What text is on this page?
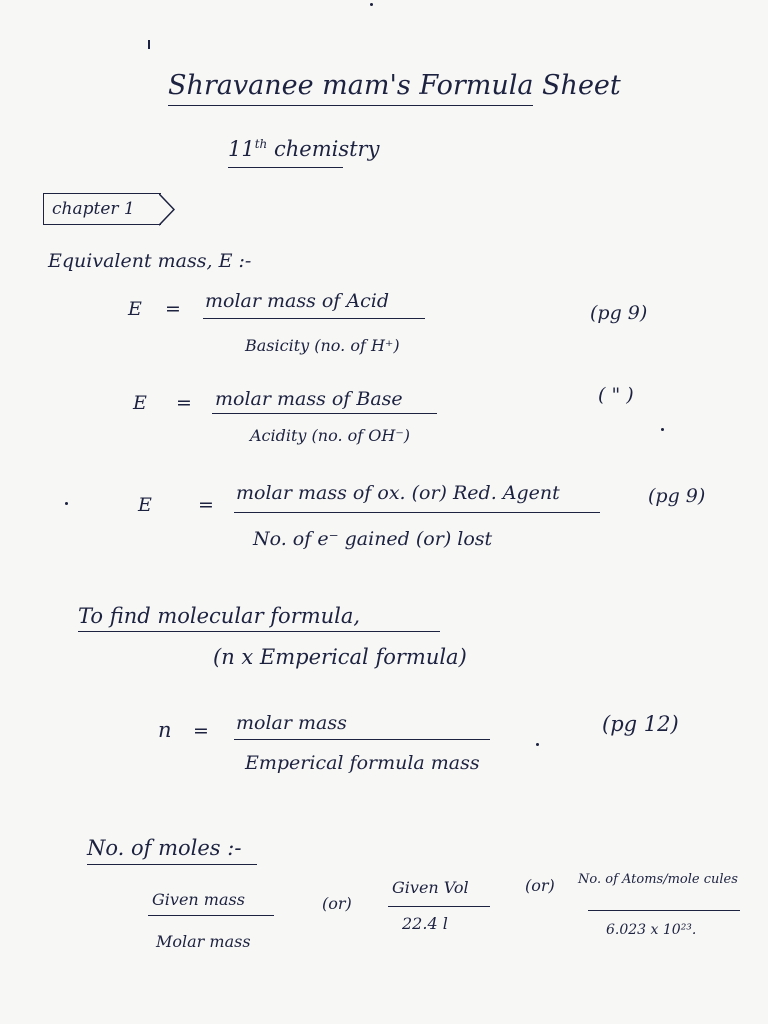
Shravanee mam's Formula Sheet
11th chemistry
chapter 1
Equivalent mass, E :-
E = molar mass of Acid
Basicity (no. of H⁺)
(pg 9)
E = molar mass of Base
Acidity (no. of OH⁻)
( " )
E =
molar mass of ox. (or) Red. Agent
No. of e⁻ gained (or) lost
(pg 9)
To find molecular formula,
(n x Emperical formula)
n = molar mass
Emperical formula mass
(pg 12)
No. of moles :-
Given mass
Molar mass
(or)
Given Vol
22.4 l
(or) No. of Atoms/mole cules
6.023 x 10²³.
